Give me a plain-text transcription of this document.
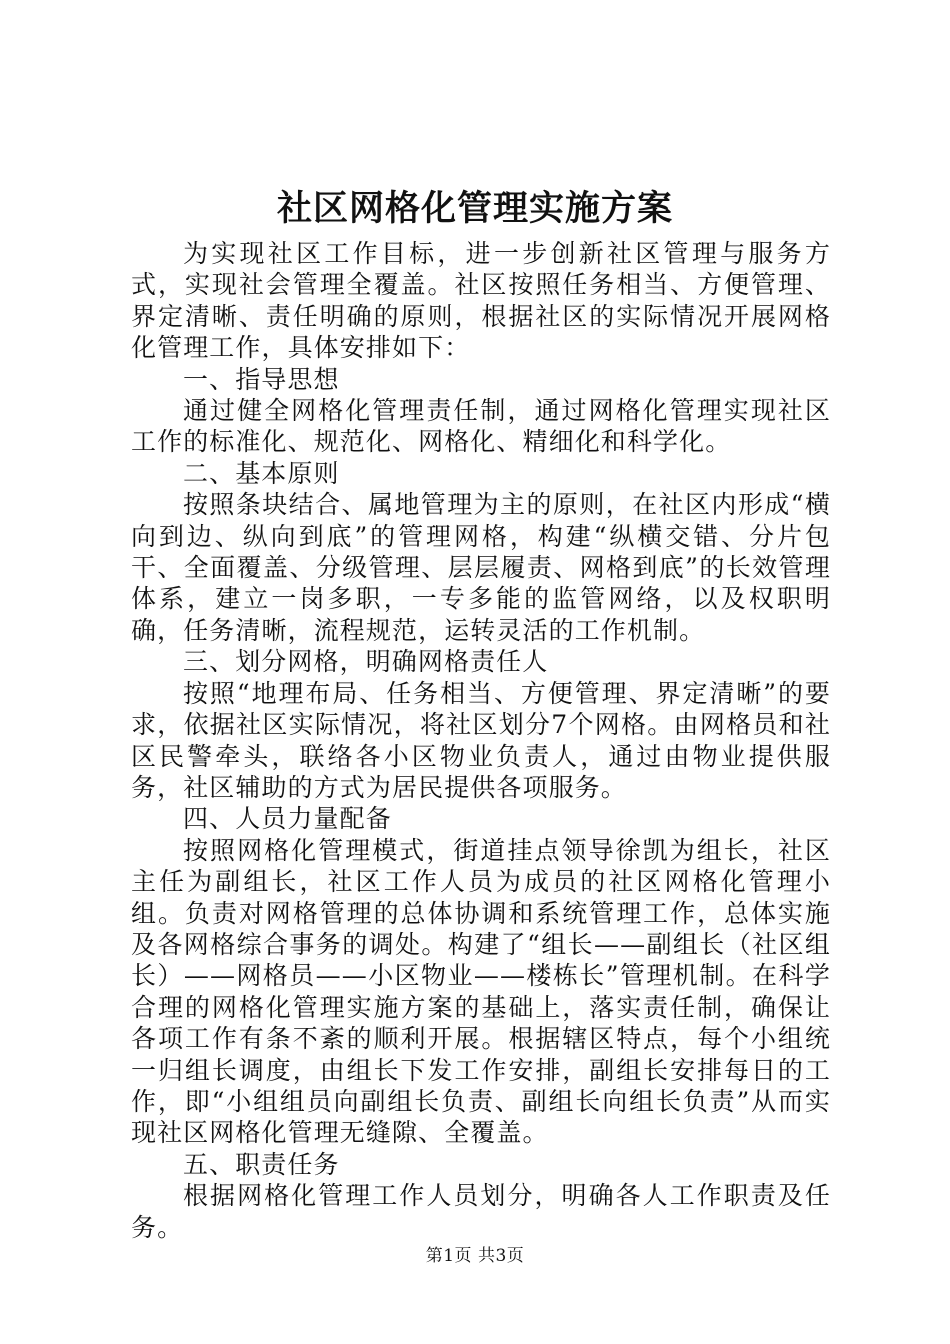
社区网格化管理实施方案

为实现社区工作目标，进一步创新社区管理与服务方式，实现社会管理全覆盖。社区按照任务相当、方便管理、界定清晰、责任明确的原则，根据社区的实际情况开展网格化管理工作，具体安排如下：

一、指导思想

通过健全网格化管理责任制，通过网格化管理实现社区工作的标准化、规范化、网格化、精细化和科学化。

二、基本原则

按照条块结合、属地管理为主的原则，在社区内形成“横向到边、纵向到底”的管理网格，构建“纵横交错、分片包干、全面覆盖、分级管理、层层履责、网格到底”的长效管理体系，建立一岗多职，一专多能的监管网络，以及权职明确，任务清晰，流程规范，运转灵活的工作机制。

三、划分网格，明确网格责任人

按照“地理布局、任务相当、方便管理、界定清晰”的要求，依据社区实际情况，将社区划分7个网格。由网格员和社区民警牵头，联络各小区物业负责人，通过由物业提供服务，社区辅助的方式为居民提供各项服务。

四、人员力量配备

按照网格化管理模式，街道挂点领导徐凯为组长，社区主任为副组长，社区工作人员为成员的社区网格化管理小组。负责对网格管理的总体协调和系统管理工作，总体实施及各网格综合事务的调处。构建了“组长——副组长（社区组长）——网格员——小区物业——楼栋长”管理机制。在科学合理的网格化管理实施方案的基础上，落实责任制，确保让各项工作有条不紊的顺利开展。根据辖区特点，每个小组统一归组长调度，由组长下发工作安排，副组长安排每日的工作，即“小组组员向副组长负责、副组长向组长负责”从而实现社区网格化管理无缝隙、全覆盖。

五、职责任务

根据网格化管理工作人员划分，明确各人工作职责及任务。

第1页 共3页
